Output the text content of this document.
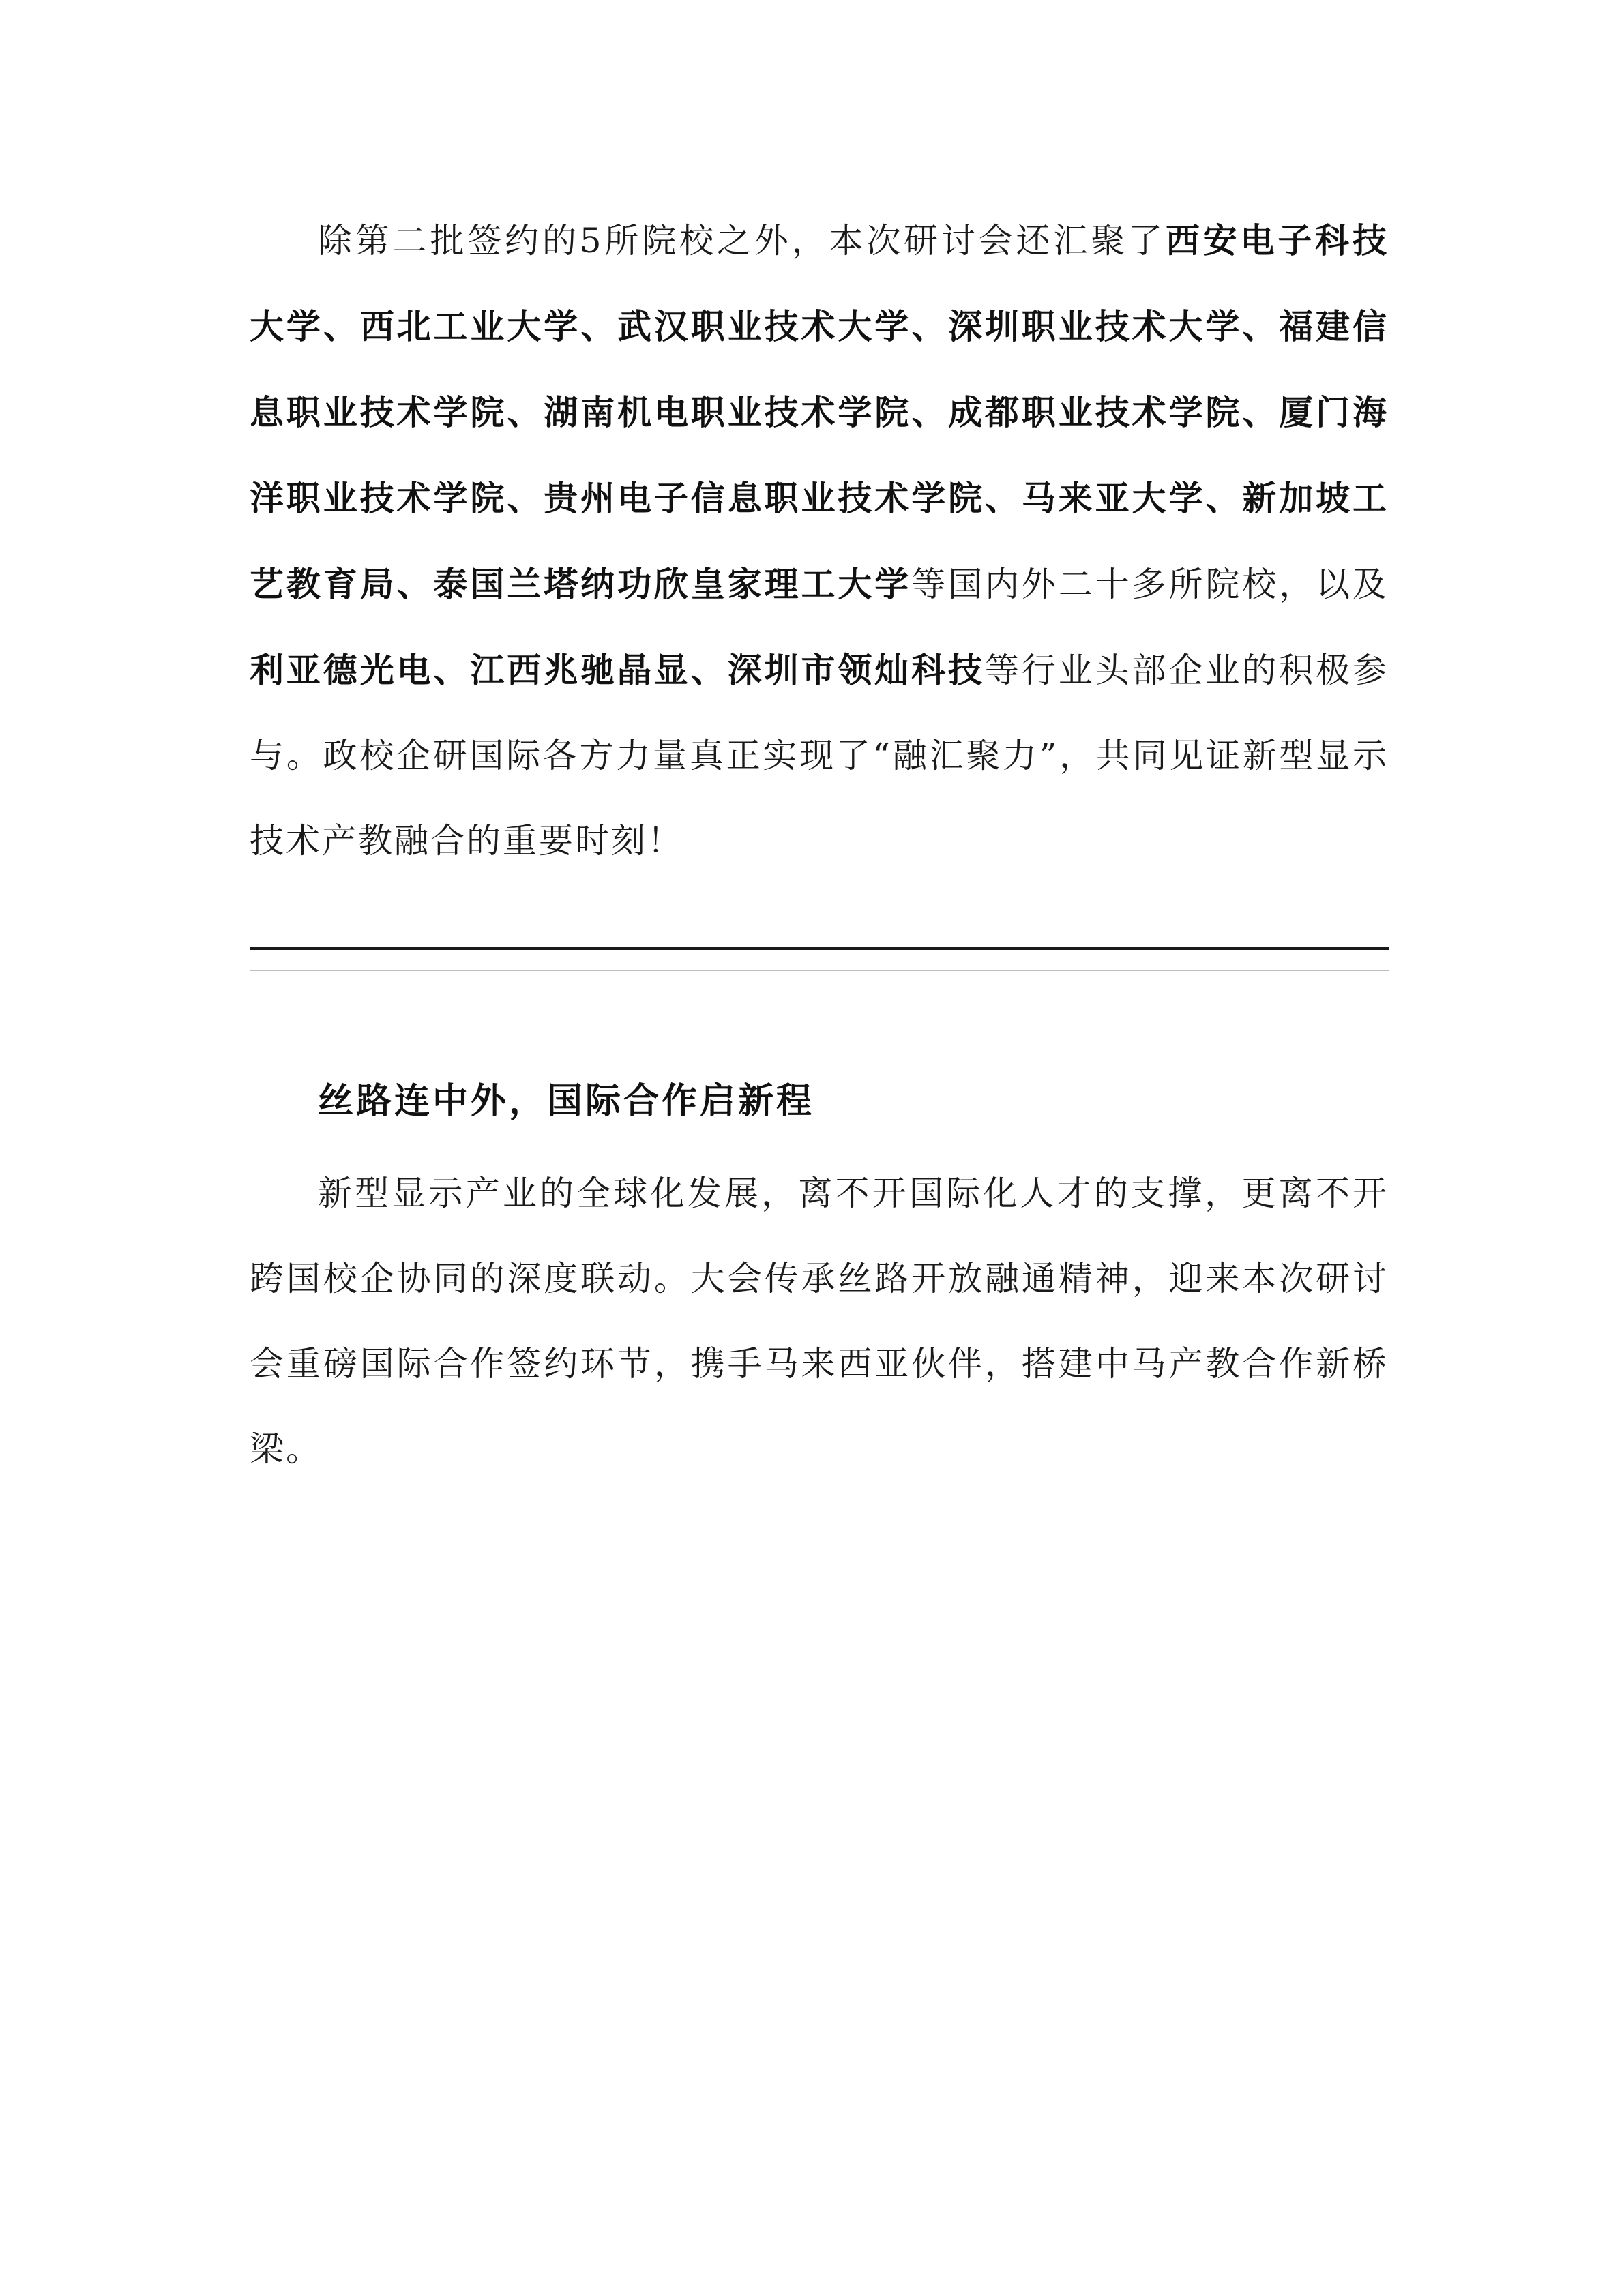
除第二批签约的5所院校之外，本次研讨会还汇聚了西安电子科技大学、西北工业大学、武汉职业技术大学、深圳职业技术大学、福建信息职业技术学院、湖南机电职业技术学院、成都职业技术学院、厦门海洋职业技术学院、贵州电子信息职业技术学院、马来亚大学、新加坡工艺教育局、泰国兰塔纳功欣皇家理工大学等国内外二十多所院校，以及利亚德光电、江西兆驰晶显、深圳市领灿科技等行业头部企业的积极参与。政校企研国际各方力量真正实现了“融汇聚力”，共同见证新型显示技术产教融合的重要时刻！

丝路连中外，国际合作启新程

新型显示产业的全球化发展，离不开国际化人才的支撑，更离不开跨国校企协同的深度联动。大会传承丝路开放融通精神，迎来本次研讨会重磅国际合作签约环节，携手马来西亚伙伴，搭建中马产教合作新桥梁。
